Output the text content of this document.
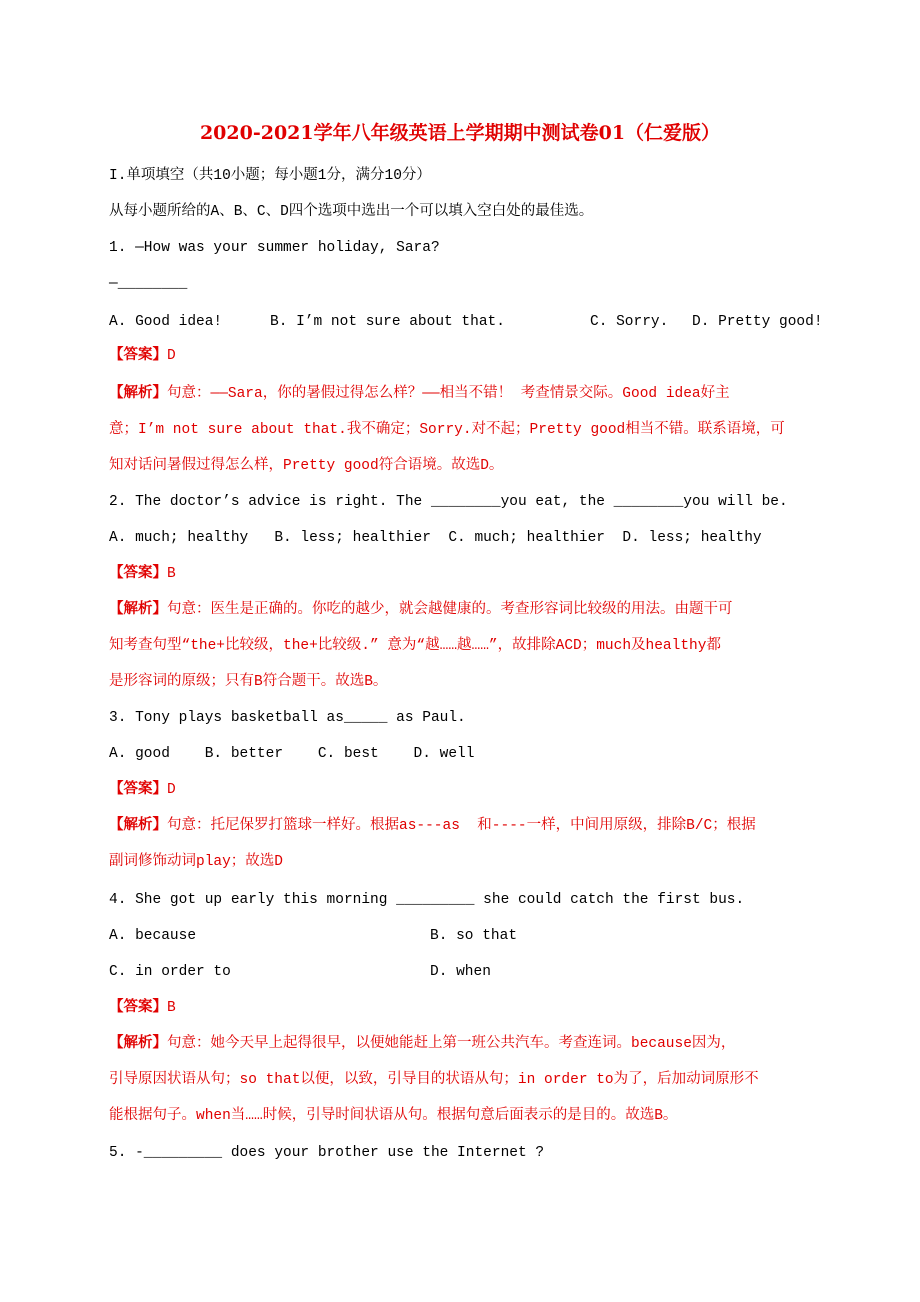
2020-2021学年八年级英语上学期期中测试卷01（仁爱版）
I.单项填空（共10小题；每小题1分，满分10分）
从每小题所给的A、B、C、D四个选项中选出一个可以填入空白处的最佳选。
1. —How was your summer holiday, Sara?
—________
A. Good idea!	B. I’m not sure about that.	C. Sorry. D. Pretty good!
【答案】D
【解析】句意：——Sara，你的暑假过得怎么样？——相当不错！ 考查情景交际。Good idea好主
意；I’m not sure about that.我不确定；Sorry.对不起；Pretty good相当不错。联系语境，可
知对话问暑假过得怎么样，Pretty good符合语境。故选D。
2. The doctor’s advice is right. The ________you eat, the ________you will be.
A. much; healthy   B. less; healthier  C. much; healthier  D. less; healthy
【答案】B
【解析】句意：医生是正确的。你吃的越少，就会越健康的。考查形容词比较级的用法。由题干可
知考查句型“the+比较级，the+比较级.” 意为“越……越……”，故排除ACD；much及healthy都
是形容词的原级；只有B符合题干。故选B。
3. Tony plays basketball as_____ as Paul.
A. good    B. better    C. best    D. well
【答案】D
【解析】句意：托尼保罗打篮球一样好。根据as---as  和----一样，中间用原级，排除B/C；根据
副词修饰动词play；故选D
4. She got up early this morning _________ she could catch the first bus.
A. because	B. so that
C. in order to	D. when
【答案】B
【解析】句意：她今天早上起得很早，以便她能赶上第一班公共汽车。考查连词。because因为，
引导原因状语从句；so that以便，以致，引导目的状语从句；in order to为了，后加动词原形不
能根据句子。when当……时候，引导时间状语从句。根据句意后面表示的是目的。故选B。
5. -_________ does your brother use the Internet ?
